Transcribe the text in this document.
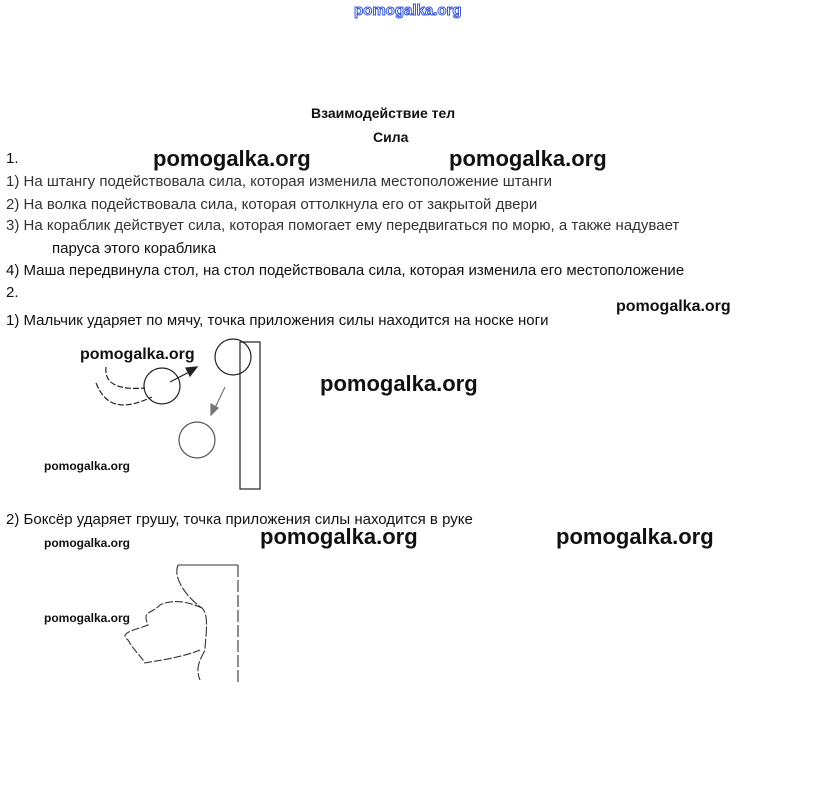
pomogalka.org
Взаимодействие тел
Сила
1.
1) На штангу подействовала сила, которая изменила местоположение штанги
2) На волка подействовала сила, которая оттолкнула его от закрытой двери
3) На кораблик действует сила, которая помогает ему передвигаться по морю, а также надувает
паруса этого кораблика
4) Маша передвинула стол, на стол подействовала сила, которая изменила его местоположение
2.
1) Мальчик ударяет по мячу, точка приложения силы находится на носке ноги
2) Боксёр ударяет грушу, точка приложения силы находится в руке
pomogalka.org	pomogalka.org
pomogalka.org
pomogalka.org
pomogalka.org
pomogalka.org
pomogalka.org	pomogalka.org	pomogalka.org
pomogalka.org
